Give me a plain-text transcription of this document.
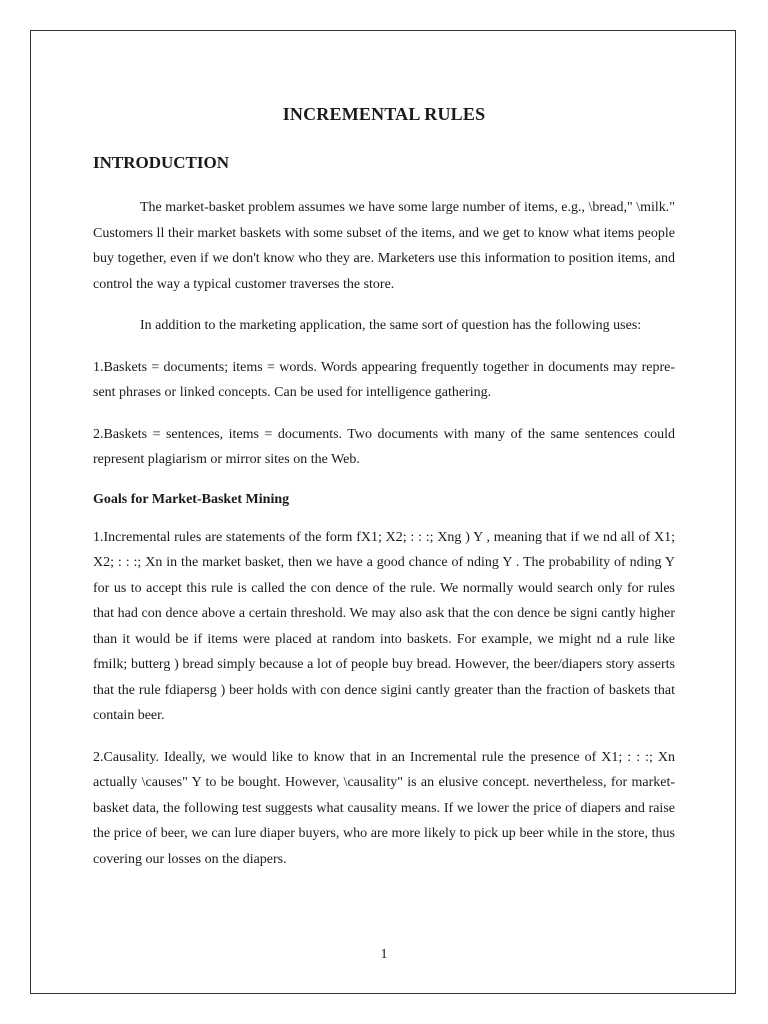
INCREMENTAL RULES
INTRODUCTION

The market-basket problem assumes we have some large number of items, e.g., \bread," \milk." Customers ll their market baskets with some subset of the items, and we get to know what items people buy together, even if we don't know who they are. Marketers use this information to position items, and control the way a typical customer traverses the store.

In addition to the marketing application, the same sort of question has the following uses:

1.Baskets = documents; items = words. Words appearing frequently together in documents may repre-sent phrases or linked concepts. Can be used for intelligence gathering.

2.Baskets = sentences, items = documents. Two documents with many of the same sentences could represent plagiarism or mirror sites on the Web.

Goals for Market-Basket Mining

1.Incremental rules are statements of the form fX1; X2; : : :; Xng ) Y , meaning that if we nd all of X1; X2; : : :; Xn in the market basket, then we have a good chance of nding Y . The probability of nding Y for us to accept this rule is called the con dence of the rule. We normally would search only for rules that had con dence above a certain threshold. We may also ask that the con dence be signi cantly higher than it would be if items were placed at random into baskets. For example, we might nd a rule like fmilk; butterg ) bread simply because a lot of people buy bread. However, the beer/diapers story asserts that the rule fdiapersg ) beer holds with con dence sigini cantly greater than the fraction of baskets that contain beer.

2.Causality. Ideally, we would like to know that in an Incremental rule the presence of X1; : : :; Xn actually \causes" Y to be bought. However, \causality" is an elusive concept. nevertheless, for market-basket data, the following test suggests what causality means. If we lower the price of diapers and raise the price of beer, we can lure diaper buyers, who are more likely to pick up beer while in the store, thus covering our losses on the diapers.

1
